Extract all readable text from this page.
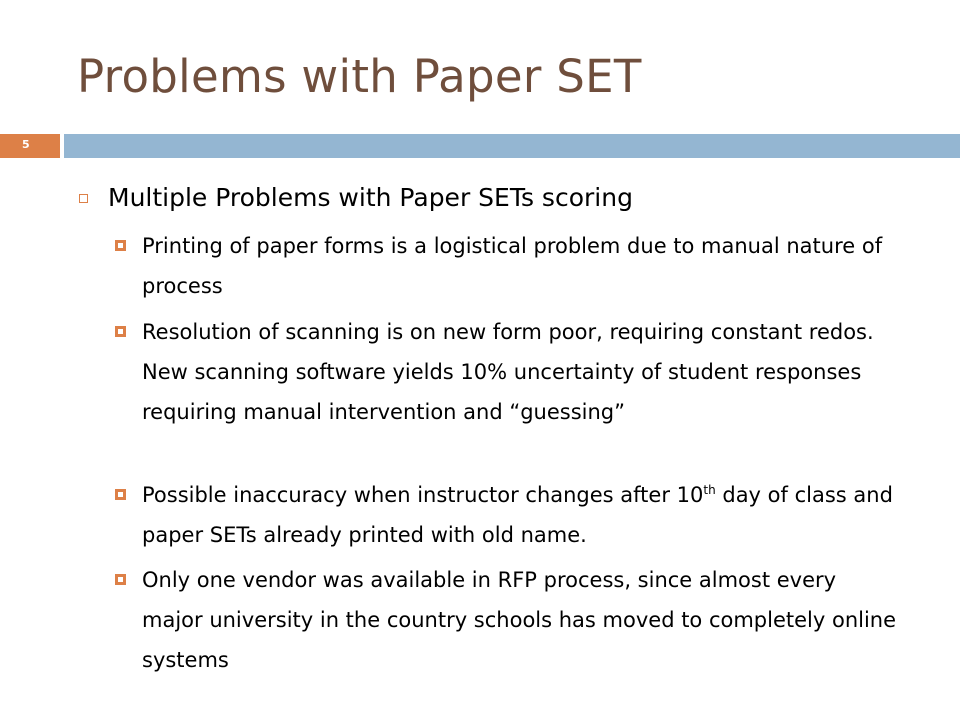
Problems with Paper SET
5
Multiple Problems with Paper SETs scoring
Printing of paper forms is a logistical problem due to manual nature of process
Resolution of scanning is on new form poor, requiring constant redos. New scanning software yields 10% uncertainty of student responses requiring manual intervention and “guessing”
Possible inaccuracy when instructor changes after 10th day of class and paper SETs already printed with old name.
Only one vendor was available in RFP process, since almost every major university in the country schools has moved to completely online systems
